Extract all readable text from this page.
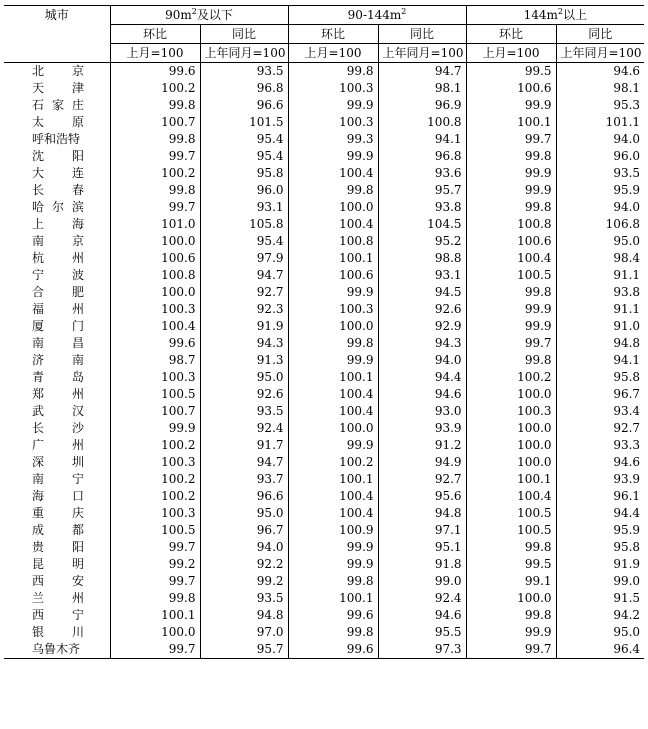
城市	$90m^2$及以下		$90-144m^2$		$144m^2$以上	
	环比	同比	环比	同比	环比	同比
	上月=100	上年同月=100	上月=100	上年同月=100	上月=100	上年同月=100
北京	99.6	93.5	99.8	94.7	99.5	94.6
天津	100.2	96.8	100.3	98.1	100.6	98.1
石家庄	99.8	96.6	99.9	96.9	99.9	95.3
太原	100.7	101.5	100.3	100.8	100.1	101.1
呼和浩特	99.8	95.4	99.3	94.1	99.7	94.0
沈阳	99.7	95.4	99.9	96.8	99.8	96.0
大连	100.2	95.8	100.4	93.6	99.9	93.5
长春	99.8	96.0	99.8	95.7	99.9	95.9
哈尔滨	99.7	93.1	100.0	93.8	99.8	94.0
上海	101.0	105.8	100.4	104.5	100.8	106.8
南京	100.0	95.4	100.8	95.2	100.6	95.0
杭州	100.6	97.9	100.1	98.8	100.4	98.4
宁波	100.8	94.7	100.6	93.1	100.5	91.1
合肥	100.0	92.7	99.9	94.5	99.8	93.8
福州	100.3	92.3	100.3	92.6	99.9	91.1
厦门	100.4	91.9	100.0	92.9	99.9	91.0
南昌	99.6	94.3	99.8	94.3	99.7	94.8
济南	98.7	91.3	99.9	94.0	99.8	94.1
青岛	100.3	95.0	100.1	94.4	100.2	95.8
郑州	100.5	92.6	100.4	94.6	100.0	96.7
武汉	100.7	93.5	100.4	93.0	100.3	93.4
长沙	99.9	92.4	100.0	93.9	100.0	92.7
广州	100.2	91.7	99.9	91.2	100.0	93.3
深圳	100.3	94.7	100.2	94.9	100.0	94.6
南宁	100.2	93.7	100.1	92.7	100.1	93.9
海口	100.2	96.6	100.4	95.6	100.4	96.1
重庆	100.3	95.0	100.4	94.8	100.5	94.4
成都	100.5	96.7	100.9	97.1	100.5	95.9
贵阳	99.7	94.0	99.9	95.1	99.8	95.8
昆明	99.2	92.2	99.9	91.8	99.5	91.9
西安	99.7	99.2	99.8	99.0	99.1	99.0
兰州	99.8	93.5	100.1	92.4	100.0	91.5
西宁	100.1	94.8	99.6	94.6	99.8	94.2
银川	100.0	97.0	99.8	95.5	99.9	95.0
乌鲁木齐	99.7	95.7	99.6	97.3	99.7	96.4
